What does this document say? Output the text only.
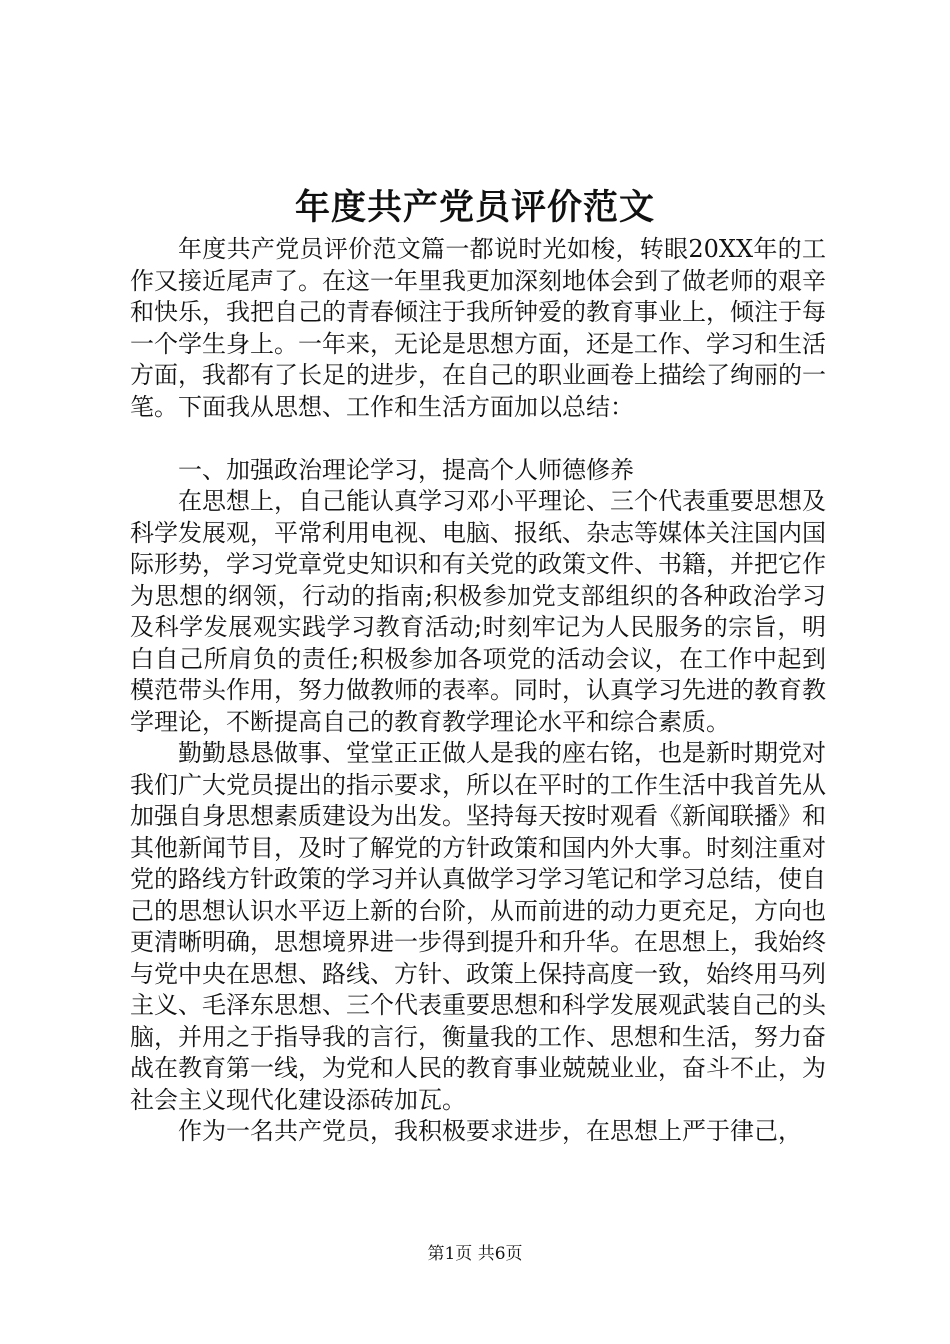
年度共产党员评价范文

年度共产党员评价范文篇一都说时光如梭，转眼20XX年的工作又接近尾声了。在这一年里我更加深刻地体会到了做老师的艰辛和快乐，我把自己的青春倾注于我所钟爱的教育事业上，倾注于每一个学生身上。一年来，无论是思想方面，还是工作、学习和生活方面，我都有了长足的进步，在自己的职业画卷上描绘了绚丽的一笔。下面我从思想、工作和生活方面加以总结：

一、加强政治理论学习，提高个人师德修养

在思想上，自己能认真学习邓小平理论、三个代表重要思想及科学发展观，平常利用电视、电脑、报纸、杂志等媒体关注国内国际形势，学习党章党史知识和有关党的政策文件、书籍，并把它作为思想的纲领，行动的指南;积极参加党支部组织的各种政治学习及科学发展观实践学习教育活动;时刻牢记为人民服务的宗旨，明白自己所肩负的责任;积极参加各项党的活动会议，在工作中起到模范带头作用，努力做教师的表率。同时，认真学习先进的教育教学理论，不断提高自己的教育教学理论水平和综合素质。

勤勤恳恳做事、堂堂正正做人是我的座右铭，也是新时期党对我们广大党员提出的指示要求，所以在平时的工作生活中我首先从加强自身思想素质建设为出发。坚持每天按时观看《新闻联播》和其他新闻节目，及时了解党的方针政策和国内外大事。时刻注重对党的路线方针政策的学习并认真做学习学习笔记和学习总结，使自己的思想认识水平迈上新的台阶，从而前进的动力更充足，方向也更清晰明确，思想境界进一步得到提升和升华。在思想上，我始终与党中央在思想、路线、方针、政策上保持高度一致，始终用马列主义、毛泽东思想、三个代表重要思想和科学发展观武装自己的头脑，并用之于指导我的言行，衡量我的工作、思想和生活，努力奋战在教育第一线，为党和人民的教育事业兢兢业业，奋斗不止，为社会主义现代化建设添砖加瓦。

作为一名共产党员，我积极要求进步，在思想上严于律己，

第1页 共6页
